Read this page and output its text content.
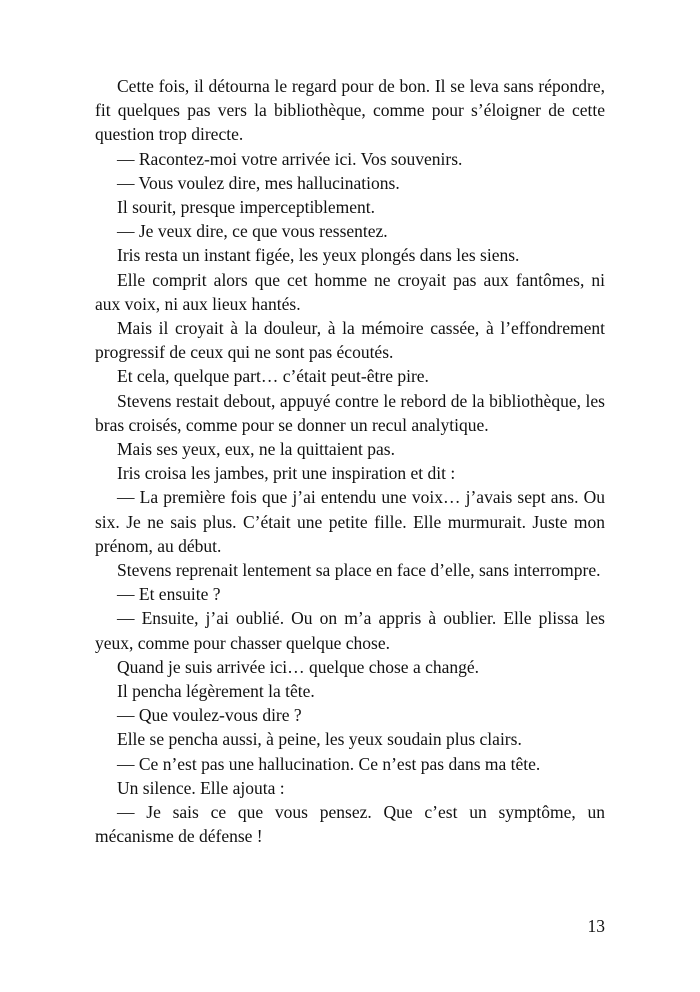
Cette fois, il détourna le regard pour de bon. Il se leva sans répondre, fit quelques pas vers la bibliothèque, comme pour s’éloigner de cette question trop directe.

— Racontez-moi votre arrivée ici. Vos souvenirs.

— Vous voulez dire, mes hallucinations.

Il sourit, presque imperceptiblement.

— Je veux dire, ce que vous ressentez.

Iris resta un instant figée, les yeux plongés dans les siens.

Elle comprit alors que cet homme ne croyait pas aux fantômes, ni aux voix, ni aux lieux hantés.

Mais il croyait à la douleur, à la mémoire cassée, à l’effondrement progressif de ceux qui ne sont pas écoutés.

Et cela, quelque part… c’était peut-être pire.

Stevens restait debout, appuyé contre le rebord de la bibliothèque, les bras croisés, comme pour se donner un recul analytique.

Mais ses yeux, eux, ne la quittaient pas.

Iris croisa les jambes, prit une inspiration et dit :

— La première fois que j’ai entendu une voix… j’avais sept ans. Ou six. Je ne sais plus. C’était une petite fille. Elle murmurait. Juste mon prénom, au début.

Stevens reprenait lentement sa place en face d’elle, sans interrompre.

— Et ensuite ?

— Ensuite, j’ai oublié. Ou on m’a appris à oublier. Elle plissa les yeux, comme pour chasser quelque chose.

Quand je suis arrivée ici… quelque chose a changé.

Il pencha légèrement la tête.

— Que voulez-vous dire ?

Elle se pencha aussi, à peine, les yeux soudain plus clairs.

— Ce n’est pas une hallucination. Ce n’est pas dans ma tête.

Un silence. Elle ajouta :

— Je sais ce que vous pensez. Que c’est un symptôme, un mécanisme de défense !

13
